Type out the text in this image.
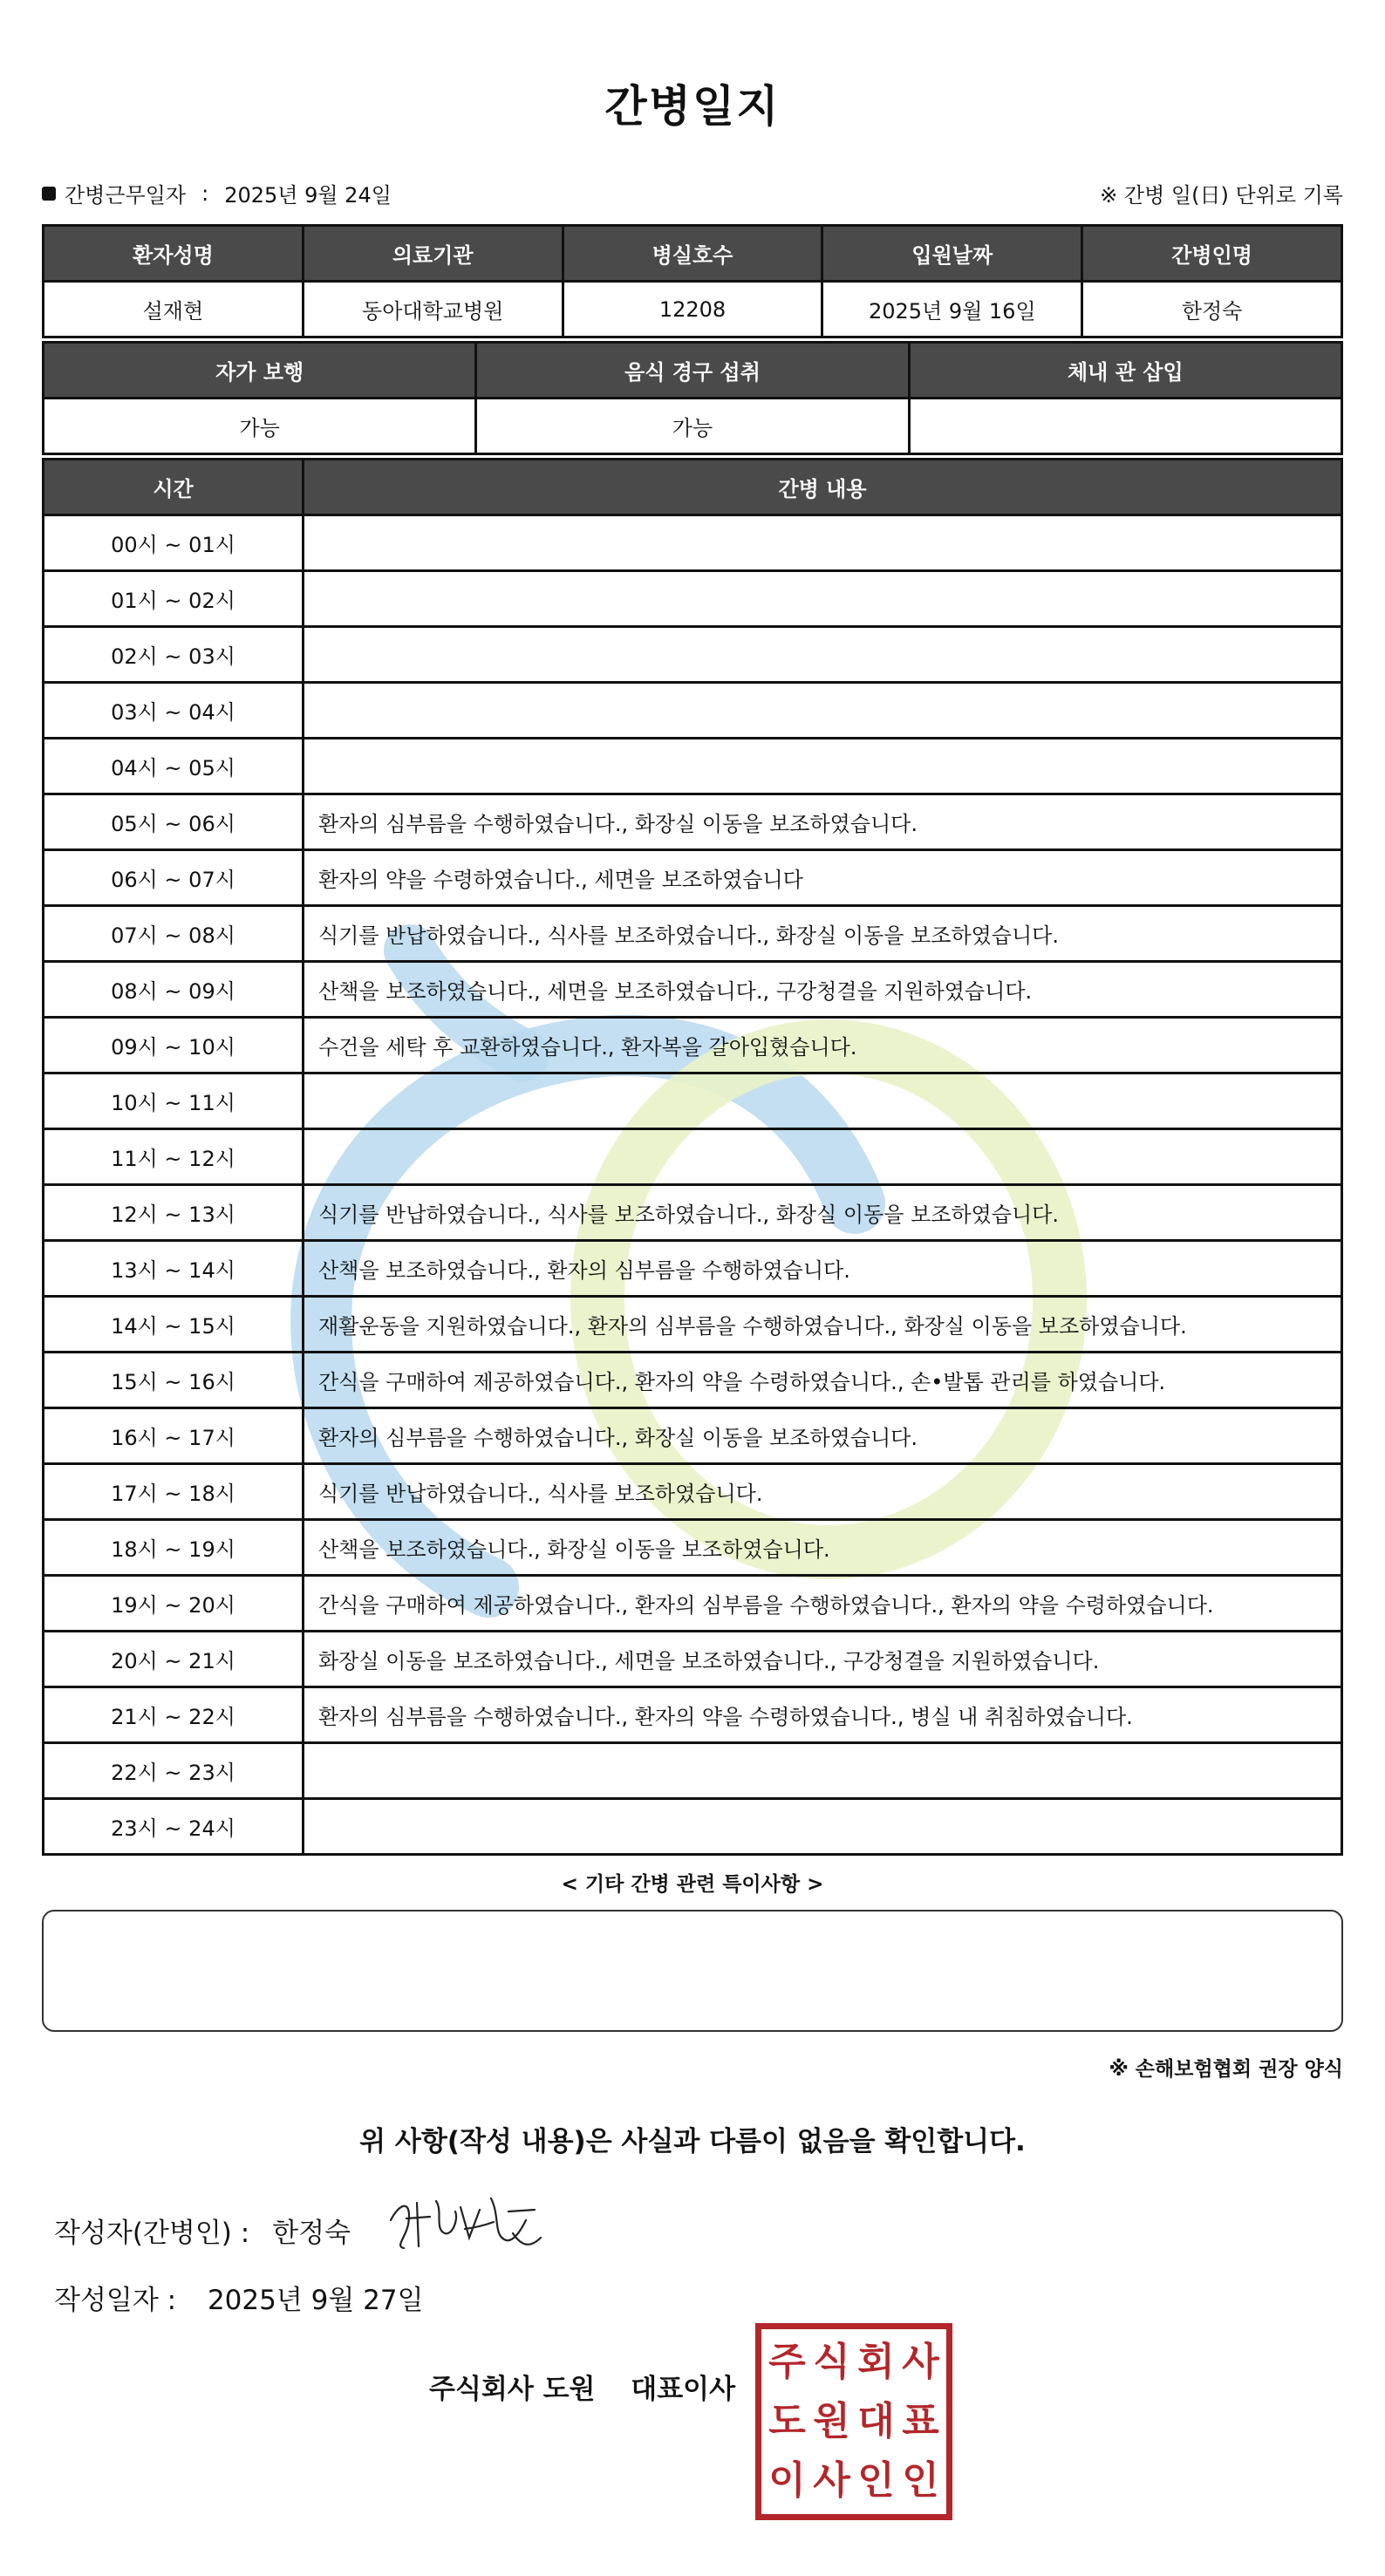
간병일지
간병근무일자 : 2025년 9월 24일	※ 간병 일(日) 단위로 기록
환자성명	의료기관	병실호수	입원날짜	간병인명
설재현	동아대학교병원	12208	2025년 9월 16일	한정숙
자가 보행	음식 경구 섭취	체내 관 삽입
가능	가능	
시간	간병 내용
00시 ~ 01시	
01시 ~ 02시	
02시 ~ 03시	
03시 ~ 04시	
04시 ~ 05시	
05시 ~ 06시	환자의 심부름을 수행하였습니다., 화장실 이동을 보조하였습니다.
06시 ~ 07시	환자의 약을 수령하였습니다., 세면을 보조하였습니다
07시 ~ 08시	식기를 반납하였습니다., 식사를 보조하였습니다., 화장실 이동을 보조하였습니다.
08시 ~ 09시	산책을 보조하였습니다., 세면을 보조하였습니다., 구강청결을 지원하였습니다.
09시 ~ 10시	수건을 세탁 후 교환하였습니다., 환자복을 갈아입혔습니다.
10시 ~ 11시	
11시 ~ 12시	
12시 ~ 13시	식기를 반납하였습니다., 식사를 보조하였습니다., 화장실 이동을 보조하였습니다.
13시 ~ 14시	산책을 보조하였습니다., 환자의 심부름을 수행하였습니다.
14시 ~ 15시	재활운동을 지원하였습니다., 환자의 심부름을 수행하였습니다., 화장실 이동을 보조하였습니다.
15시 ~ 16시	간식을 구매하여 제공하였습니다., 환자의 약을 수령하였습니다., 손•발톱 관리를 하였습니다.
16시 ~ 17시	환자의 심부름을 수행하였습니다., 화장실 이동을 보조하였습니다.
17시 ~ 18시	식기를 반납하였습니다., 식사를 보조하였습니다.
18시 ~ 19시	산책을 보조하였습니다., 화장실 이동을 보조하였습니다.
19시 ~ 20시	간식을 구매하여 제공하였습니다., 환자의 심부름을 수행하였습니다., 환자의 약을 수령하였습니다.
20시 ~ 21시	화장실 이동을 보조하였습니다., 세면을 보조하였습니다., 구강청결을 지원하였습니다.
21시 ~ 22시	환자의 심부름을 수행하였습니다., 환자의 약을 수령하였습니다., 병실 내 취침하였습니다.
22시 ~ 23시	
23시 ~ 24시	
< 기타 간병 관련 특이사항 >
※ 손해보험협회 권장 양식
위 사항(작성 내용)은 사실과 다름이 없음을 확인합니다.
작성자(간병인) : 한정숙
작성일자 : 2025년 9월 27일
주식회사 도원 대표이사
주 식 회 사
도 원 대 표
이 사 인 인
